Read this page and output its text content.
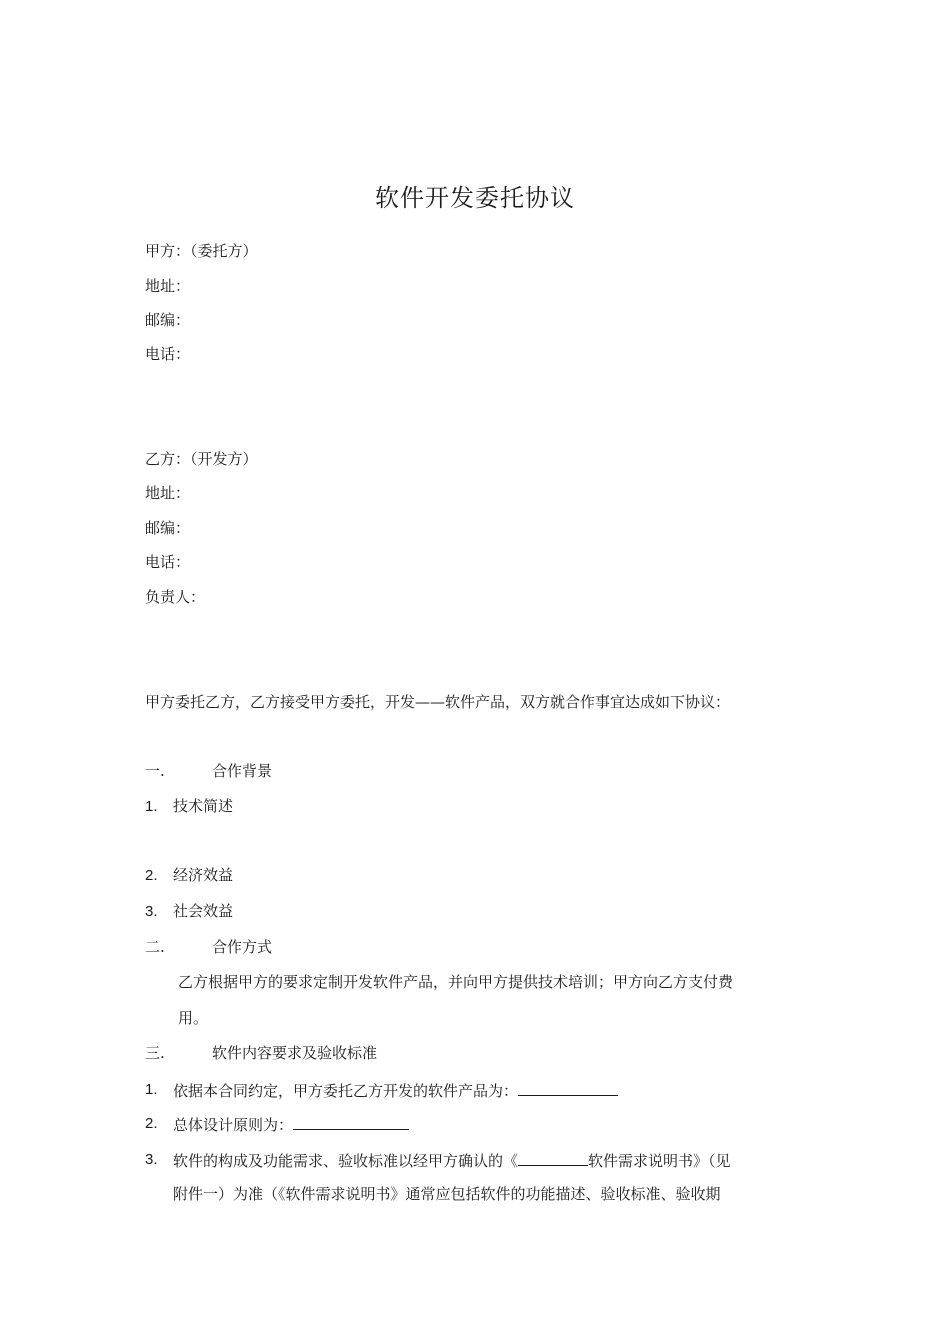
软件开发委托协议
甲方：（委托方）
地址：
邮编：
电话：
乙方：（开发方）
地址：
邮编：
电话：
负责人：
甲方委托乙方，乙方接受甲方委托，开发——软件产品，双方就合作事宜达成如下协议：
一.	合作背景
1. 技术简述
2. 经济效益
3. 社会效益
二.	合作方式
乙方根据甲方的要求定制开发软件产品，并向甲方提供技术培训；甲方向乙方支付费
用。
三.	软件内容要求及验收标准
1. 依据本合同约定，甲方委托乙方开发的软件产品为：
2. 总体设计原则为：
3. 软件的构成及功能需求、验收标准以经甲方确认的《	软件需求说明书》（见
附件一）为准（《软件需求说明书》通常应包括软件的功能描述、验收标准、验收期
